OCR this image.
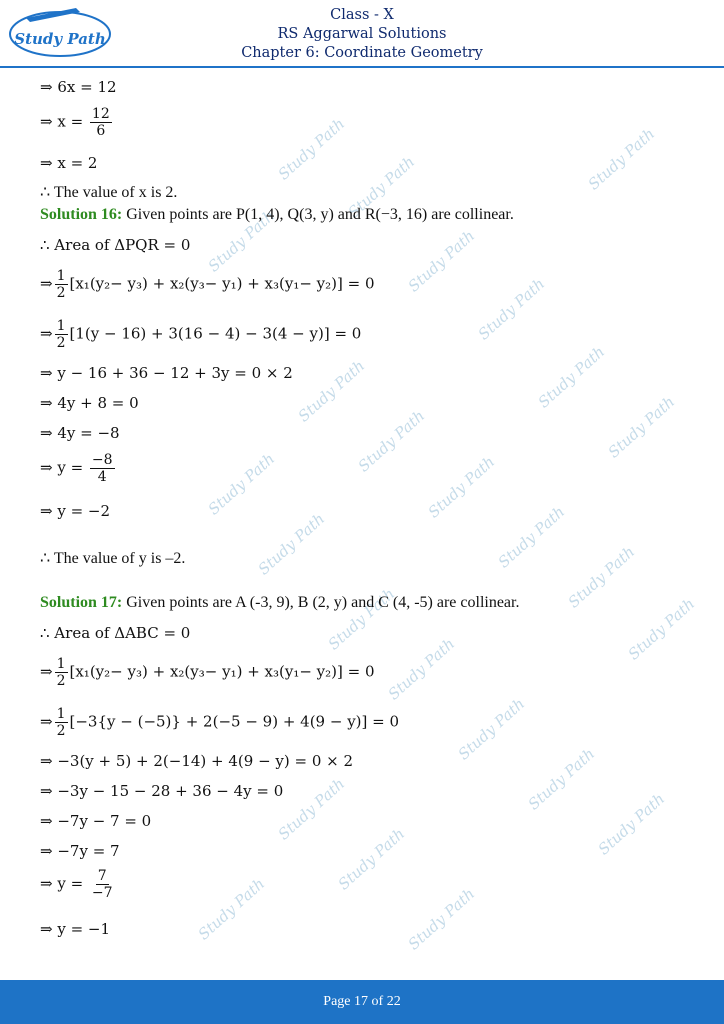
Study Path
Class - X
RS Aggarwal Solutions
Chapter 6: Coordinate Geometry
Study Path	Study Path
Study Path
Study Path	Study Path
Study Path
Study Path
Study Path
Study Path
Study Path
Study Path	Study Path
Study Path
Study Path	Study Path
Study Path	Study Path
Study Path
Study Path
Study Path
Study Path	Study Path
Study Path
Study Path	Study Path
⇒ 6x = 12
⇒ $x = \frac{12}{6}$
⇒ x = 2
∴ The value of x is 2.
Solution 16: Given points are P(1, 4), Q(3, y) and R(−3, 16) are collinear.
∴ Area of ΔPQR = 0
⇒ $\frac{1}{2} [x_1(y_2- y_3) + x_2(y_3- y_1) + x_3(y_1- y_2)] = 0$
⇒ $\frac{1}{2} [1(y - 16) + 3(16 - 4) - 3(4 - y)] = 0$
⇒ y − 16 + 36 − 12 + 3y = 0 × 2
⇒ 4y + 8 = 0
⇒ 4y = −8
⇒ $y = \frac{-8}{4}$
⇒ y = −2
∴ The value of y is –2.
Solution 17: Given points are A (-3, 9), B (2, y) and C (4, -5) are collinear.
∴ Area of ΔABC = 0
⇒ $\frac{1}{2} [x_1(y_2- y_3) + x_2(y_3- y_1) + x_3(y_1- y_2)] = 0$
⇒ $\frac{1}{2} [-3\{y - (-5)\} + 2(-5 - 9) + 4(9 - y)] = 0$
⇒ −3(y + 5) + 2(−14) + 4(9 − y) = 0 × 2
⇒ −3y − 15 − 28 + 36 − 4y = 0
⇒ −7y − 7 = 0
⇒ −7y = 7
⇒ $y = \frac{7}{-7}$
⇒ y = −1
Page 17 of 22
